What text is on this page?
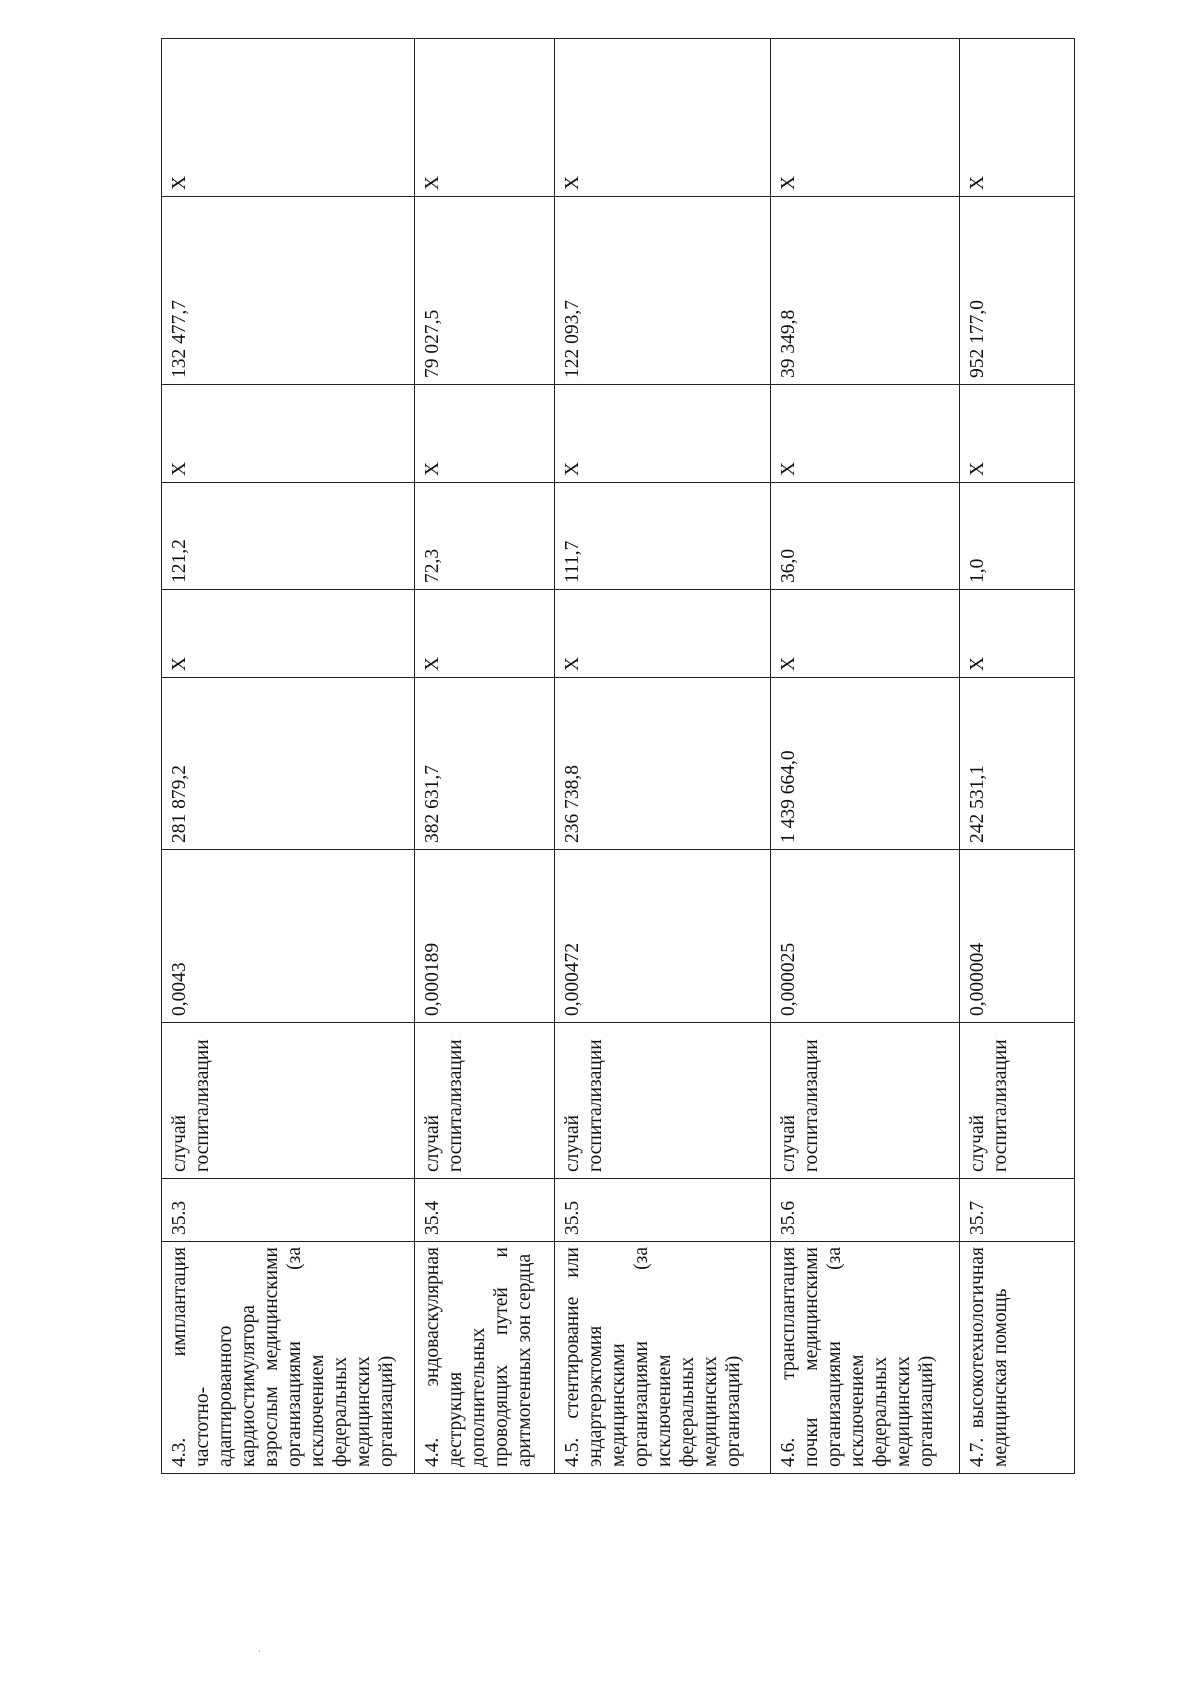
4.3. имплантация частотно-адаптированного кардиостимулятора взрослым медицинскими организациями (за исключением федеральных медицинских организаций)	35.3	случай госпитализации	0,0043	281 879,2	Х	121,2	Х	132 477,7	Х
4.4. эндоваскулярная деструкция дополнительных проводящих путей и аритмогенных зон сердца	35.4	случай госпитализации	0,000189	382 631,7	Х	72,3	Х	79 027,5	Х
4.5. стентирование или эндартерэктомия медицинскими организациями (за исключением федеральных медицинских организаций)	35.5	случай госпитализации	0,000472	236 738,8	Х	111,7	Х	122 093,7	Х
4.6. трансплантация почки медицинскими организациями (за исключением федеральных медицинских организаций)	35.6	случай госпитализации	0,000025	1 439 664,0	Х	36,0	Х	39 349,8	Х
4.7. высокотехнологичная медицинская помощь	35.7	случай госпитализации	0,000004	242 531,1	Х	1,0	Х	952 177,0	Х
